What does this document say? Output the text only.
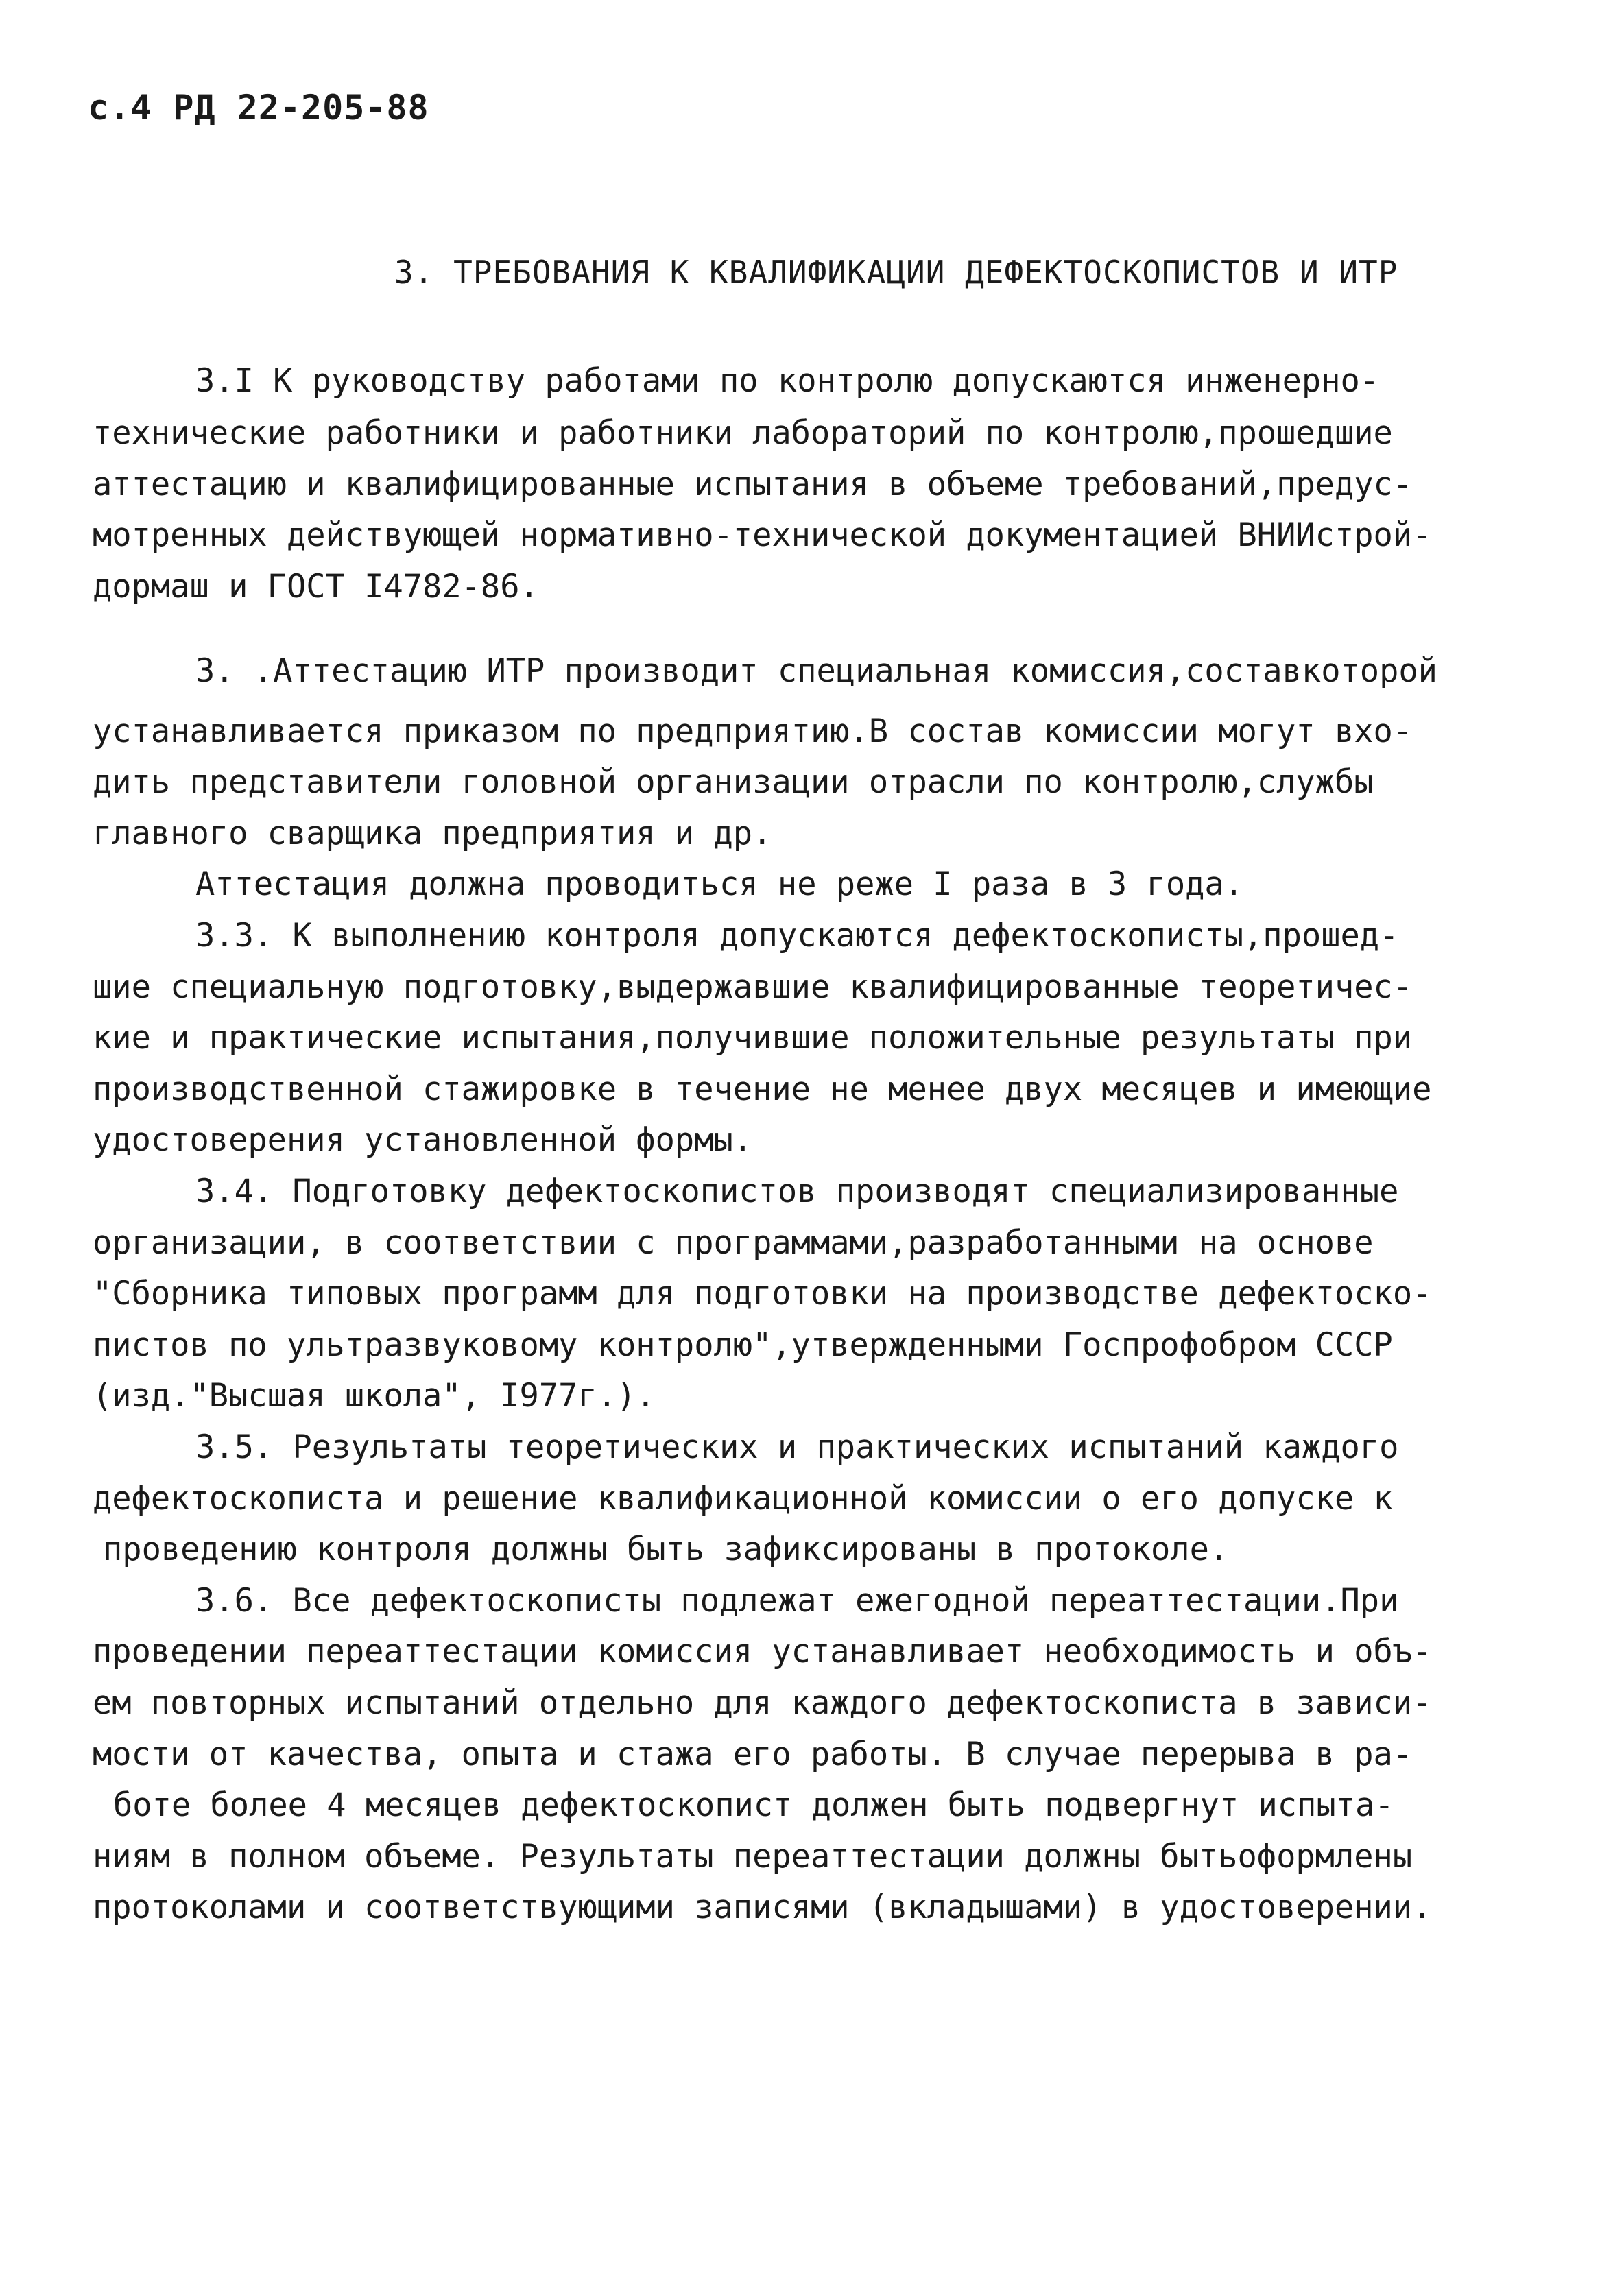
с.4 РД 22-205-88
3. ТРЕБОВАНИЯ К КВАЛИФИКАЦИИ ДЕФЕКТОСКОПИСТОВ И ИТР
3.I К руководству работами по контролю допускаются инженерно-
технические работники и работники лабораторий по контролю,прошедшие
аттестацию и квалифицированные испытания в объеме требований,предус-
мотренных действующей нормативно-технической документацией ВНИИстрой-
дормаш и ГОСТ I4782-86.
3. .Аттестацию ИТР производит специальная комиссия,составкоторой
устанавливается приказом по предприятию.В состав комиссии могут вхо-
дить представители головной организации отрасли по контролю,службы
главного сварщика предприятия и др.
Аттестация должна проводиться не реже I раза в 3 года.
3.3. К выполнению контроля допускаются дефектоскописты,прошед-
шие специальную подготовку,выдержавшие квалифицированные теоретичес-
кие и практические испытания,получившие положительные результаты при
производственной стажировке в течение не менее двух месяцев и имеющие
удостоверения установленной формы.
3.4. Подготовку дефектоскопистов производят специализированные
организации, в соответствии с программами,разработанными на основе
"Сборника типовых программ для подготовки на производстве дефектоско-
пистов по ультразвуковому контролю",утвержденными Госпрофобром СССР
(изд."Высшая школа", I977г.).
3.5. Результаты теоретических и практических испытаний каждого
дефектоскописта и решение квалификационной комиссии о его допуске к
проведению контроля должны быть зафиксированы в протоколе.
3.6. Все дефектоскописты подлежат ежегодной переаттестации.При
проведении переаттестации комиссия устанавливает необходимость и объ-
ем повторных испытаний отдельно для каждого дефектоскописта в зависи-
мости от качества, опыта и стажа его работы. В случае перерыва в ра-
боте более 4 месяцев дефектоскопист должен быть подвергнут испыта-
ниям в полном объеме. Результаты переаттестации должны бытьоформлены
протоколами и соответствующими записями (вкладышами) в удостоверении.
